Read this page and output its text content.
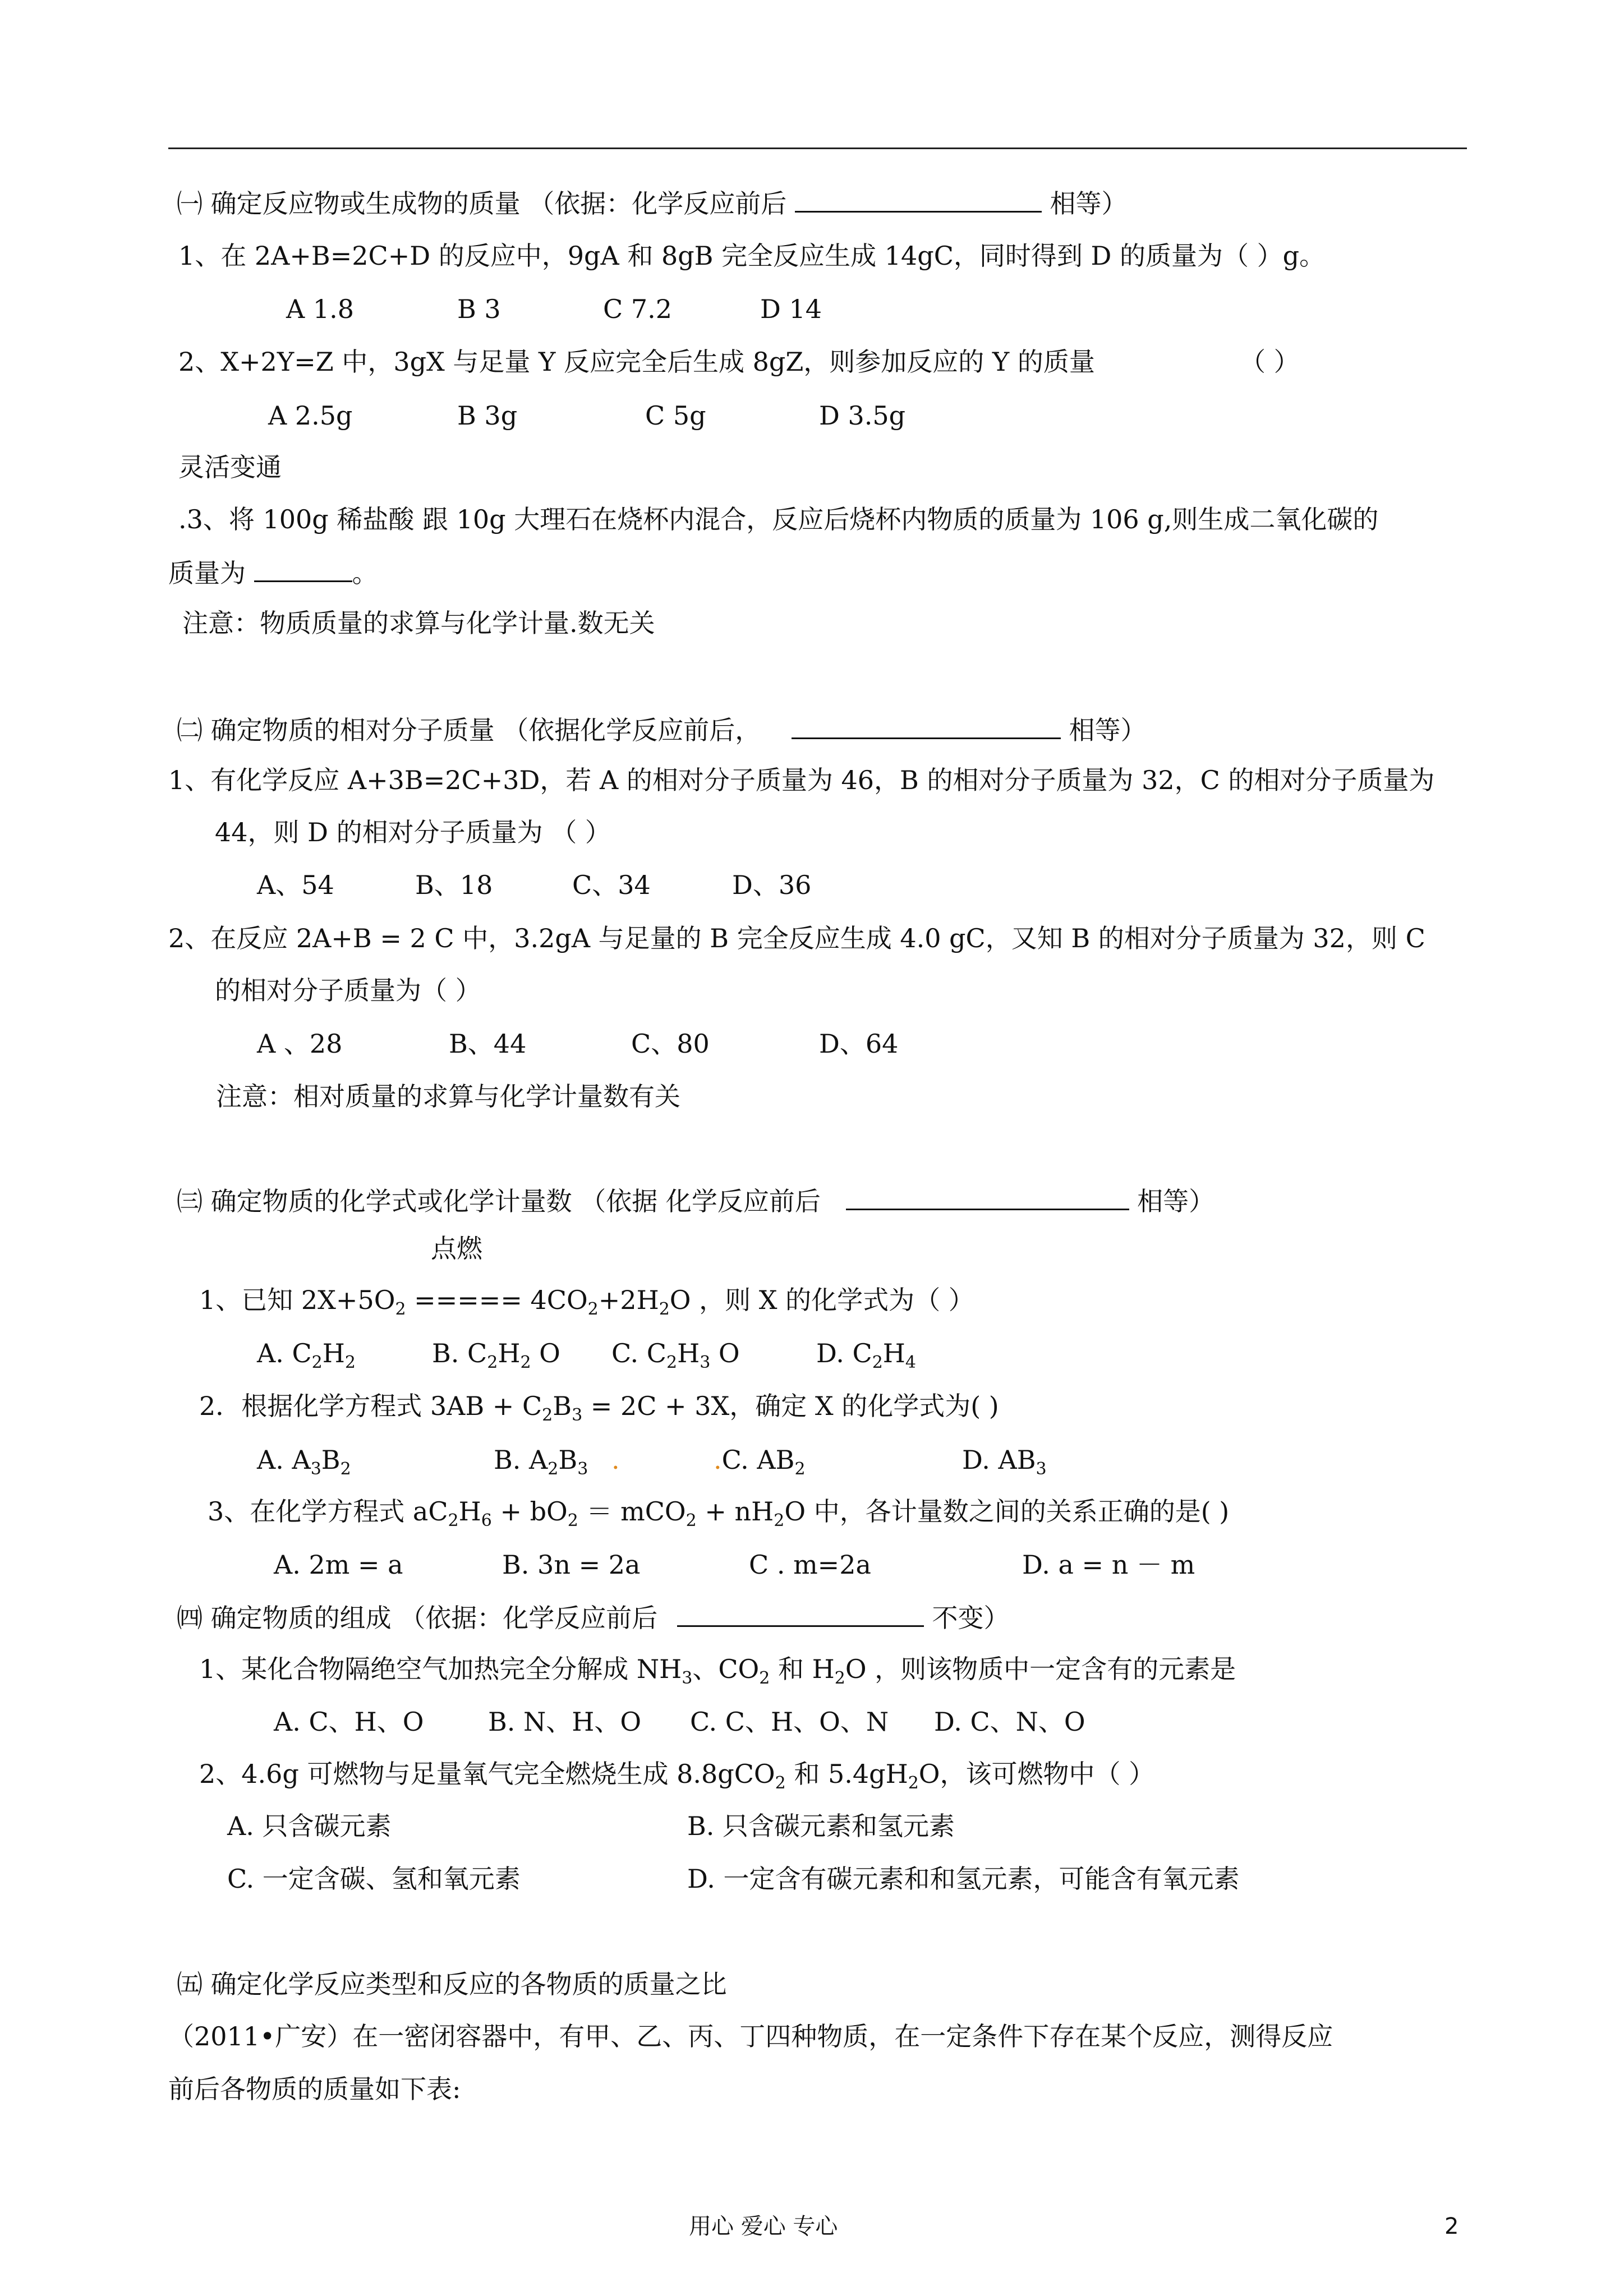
㈠ 确定反应物或生成物的质量 （依据：化学反应前后	相等）
1、在 2A+B=2C+D 的反应中，9gA 和 8gB 完全反应生成 14gC，同时得到 D 的质量为（ ）g。
A 1.8	B 3	C 7.2	D 14
2、X+2Y=Z 中，3gX 与足量 Y 反应完全后生成 8gZ，则参加反应的 Y 的质量	（ ）
A 2.5g	B 3g	C 5g	D 3.5g
灵活变通
.3、将 100g 稀盐酸 跟 10g 大理石在烧杯内混合，反应后烧杯内物质的质量为 106 g,则生成二氧化碳的
质量为	。
注意：物质质量的求算与化学计量.数无关
㈡ 确定物质的相对分子质量 （依据化学反应前后，	相等）
1、有化学反应 A+3B=2C+3D，若 A 的相对分子质量为 46，B 的相对分子质量为 32，C 的相对分子质量为
44，则 D 的相对分子质量为 （ ）
A、54	B、18	C、34	D、36
2、在反应 2A+B = 2 C 中，3.2gA 与足量的 B 完全反应生成 4.0 gC，又知 B 的相对分子质量为 32，则 C
的相对分子质量为（ ）
A 、28	B、44	C、80	D、64
注意：相对质量的求算与化学计量数有关
㈢ 确定物质的化学式或化学计量数 （依据 化学反应前后	相等）
点燃
1、已知 $2X+5O_2$ ===== $4CO_2+2H_2O$ ，则 X 的化学式为（ ）
A. $C_2H_2$	B. $C_2H_2$ O C. $C_2H_3$ O	D. $C_2H_4$
2．根据化学方程式 $3AB + C_2B_3 = 2C + 3X$，确定 X 的化学式为( )
A. $A_3B_2$	B. $A_2B_3$ .	.C. $AB_2$	D. $AB_3$
3、在化学方程式 $aC_2H_6 + bO_2 = mCO_2 + nH_2O$ 中，各计量数之间的关系正确的是( )
A. 2m = a	B. 3n = 2a	C . m=2a	D. a = n － m
㈣ 确定物质的组成 （依据：化学反应前后	不变）
1、某化合物隔绝空气加热完全分解成 $NH_3$、$CO_2$ 和 $H_2O$ ，则该物质中一定含有的元素是
A. C、H、O B. N、H、O C. C、H、O、N D. C、N、O
2、4.6g 可燃物与足量氧气完全燃烧生成 8.8gCO$_2$ 和 $5.4gH_2O$，该可燃物中（ ）
A. 只含碳元素	B. 只含碳元素和氢元素
C. 一定含碳、氢和氧元素	D. 一定含有碳元素和和氢元素，可能含有氧元素
㈤ 确定化学反应类型和反应的各物质的质量之比
（2011•广安）在一密闭容器中，有甲、乙、丙、丁四种物质，在一定条件下存在某个反应，测得反应
前后各物质的质量如下表:
用心 爱心 专心	2
